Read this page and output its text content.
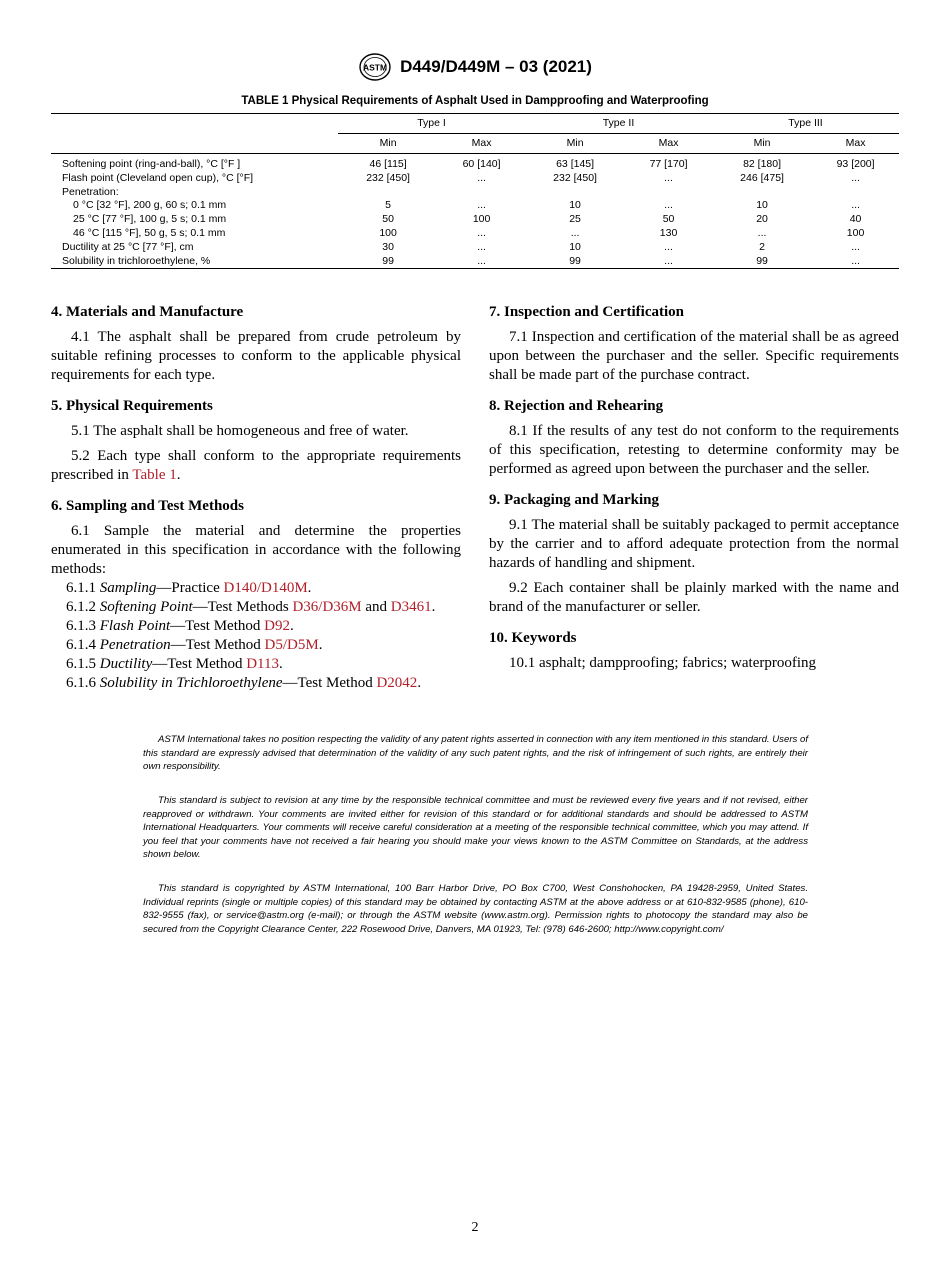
ASTM D449/D449M – 03 (2021)
TABLE 1 Physical Requirements of Asphalt Used in Dampproofing and Waterproofing
	Type I		Type II		Type III	
	Min	Max	Min	Max	Min	Max
Softening point (ring-and-ball), °C [°F ]	46 [115]	60 [140]	63 [145]	77 [170]	82 [180]	93 [200]
Flash point (Cleveland open cup), °C [°F]	232 [450]	...	232 [450]	...	246 [475]	...
Penetration:						
0 °C [32 °F], 200 g, 60 s; 0.1 mm	5	...	10	...	10	...
25 °C [77 °F], 100 g, 5 s; 0.1 mm	50	100	25	50	20	40
46 °C [115 °F], 50 g, 5 s; 0.1 mm	100	...	...	130	...	100
Ductility at 25 °C [77 °F], cm	30	...	10	...	2	...
Solubility in trichloroethylene, %	99	...	99	...	99	...

4. Materials and Manufacture

4.1 The asphalt shall be prepared from crude petroleum by suitable refining processes to conform to the applicable physical requirements for each type.

5. Physical Requirements

5.1 The asphalt shall be homogeneous and free of water.

5.2 Each type shall conform to the appropriate requirements prescribed in Table 1.

6. Sampling and Test Methods

6.1 Sample the material and determine the properties enumerated in this specification in accordance with the following methods:

6.1.1 Sampling—Practice D140/D140M.

6.1.2 Softening Point—Test Methods D36/D36M and D3461.

6.1.3 Flash Point—Test Method D92.

6.1.4 Penetration—Test Method D5/D5M.

6.1.5 Ductility—Test Method D113.

6.1.6 Solubility in Trichloroethylene—Test Method D2042.

7. Inspection and Certification

7.1 Inspection and certification of the material shall be as agreed upon between the purchaser and the seller. Specific requirements shall be made part of the purchase contract.

8. Rejection and Rehearing

8.1 If the results of any test do not conform to the requirements of this specification, retesting to determine conformity may be performed as agreed upon between the purchaser and the seller.

9. Packaging and Marking

9.1 The material shall be suitably packaged to permit acceptance by the carrier and to afford adequate protection from the normal hazards of handling and shipment.

9.2 Each container shall be plainly marked with the name and brand of the manufacturer or seller.

10. Keywords

10.1 asphalt; dampproofing; fabrics; waterproofing

ASTM International takes no position respecting the validity of any patent rights asserted in connection with any item mentioned in this standard. Users of this standard are expressly advised that determination of the validity of any such patent rights, and the risk of infringement of such rights, are entirely their own responsibility.

This standard is subject to revision at any time by the responsible technical committee and must be reviewed every five years and if not revised, either reapproved or withdrawn. Your comments are invited either for revision of this standard or for additional standards and should be addressed to ASTM International Headquarters. Your comments will receive careful consideration at a meeting of the responsible technical committee, which you may attend. If you feel that your comments have not received a fair hearing you should make your views known to the ASTM Committee on Standards, at the address shown below.

This standard is copyrighted by ASTM International, 100 Barr Harbor Drive, PO Box C700, West Conshohocken, PA 19428-2959, United States. Individual reprints (single or multiple copies) of this standard may be obtained by contacting ASTM at the above address or at 610-832-9585 (phone), 610-832-9555 (fax), or service@astm.org (e-mail); or through the ASTM website (www.astm.org). Permission rights to photocopy the standard may also be secured from the Copyright Clearance Center, 222 Rosewood Drive, Danvers, MA 01923, Tel: (978) 646-2600; http://www.copyright.com/

2
